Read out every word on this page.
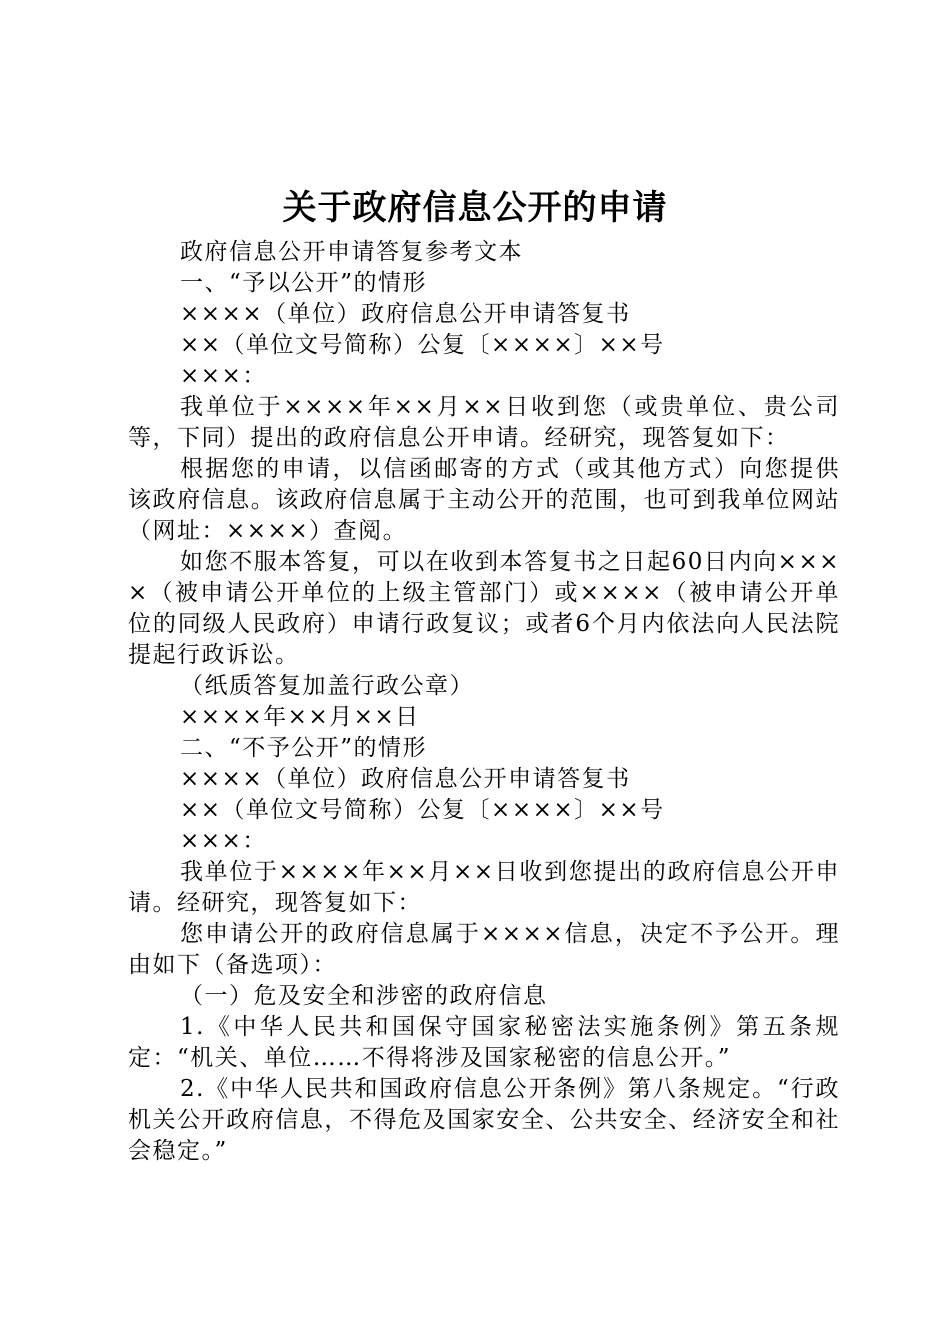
关于政府信息公开的申请

政府信息公开申请答复参考文本

一、“予以公开”的情形

××××（单位）政府信息公开申请答复书

××（单位文号简称）公复〔××××〕××号

×××：

我单位于××××年××月××日收到您（或贵单位、贵公司等，下同）提出的政府信息公开申请。经研究，现答复如下：

根据您的申请，以信函邮寄的方式（或其他方式）向您提供该政府信息。该政府信息属于主动公开的范围，也可到我单位网站（网址：××××）查阅。

如您不服本答复，可以在收到本答复书之日起60日内向××××（被申请公开单位的上级主管部门）或××××（被申请公开单位的同级人民政府）申请行政复议；或者6个月内依法向人民法院提起行政诉讼。

（纸质答复加盖行政公章）

××××年××月××日

二、“不予公开”的情形

××××（单位）政府信息公开申请答复书

××（单位文号简称）公复〔××××〕××号

×××：

我单位于××××年××月××日收到您提出的政府信息公开申请。经研究，现答复如下：

您申请公开的政府信息属于××××信息，决定不予公开。理由如下（备选项）：

（一）危及安全和涉密的政府信息

1.《中华人民共和国保守国家秘密法实施条例》第五条规定：“机关、单位……不得将涉及国家秘密的信息公开。”

2.《中华人民共和国政府信息公开条例》第八条规定。“行政机关公开政府信息，不得危及国家安全、公共安全、经济安全和社会稳定。”
